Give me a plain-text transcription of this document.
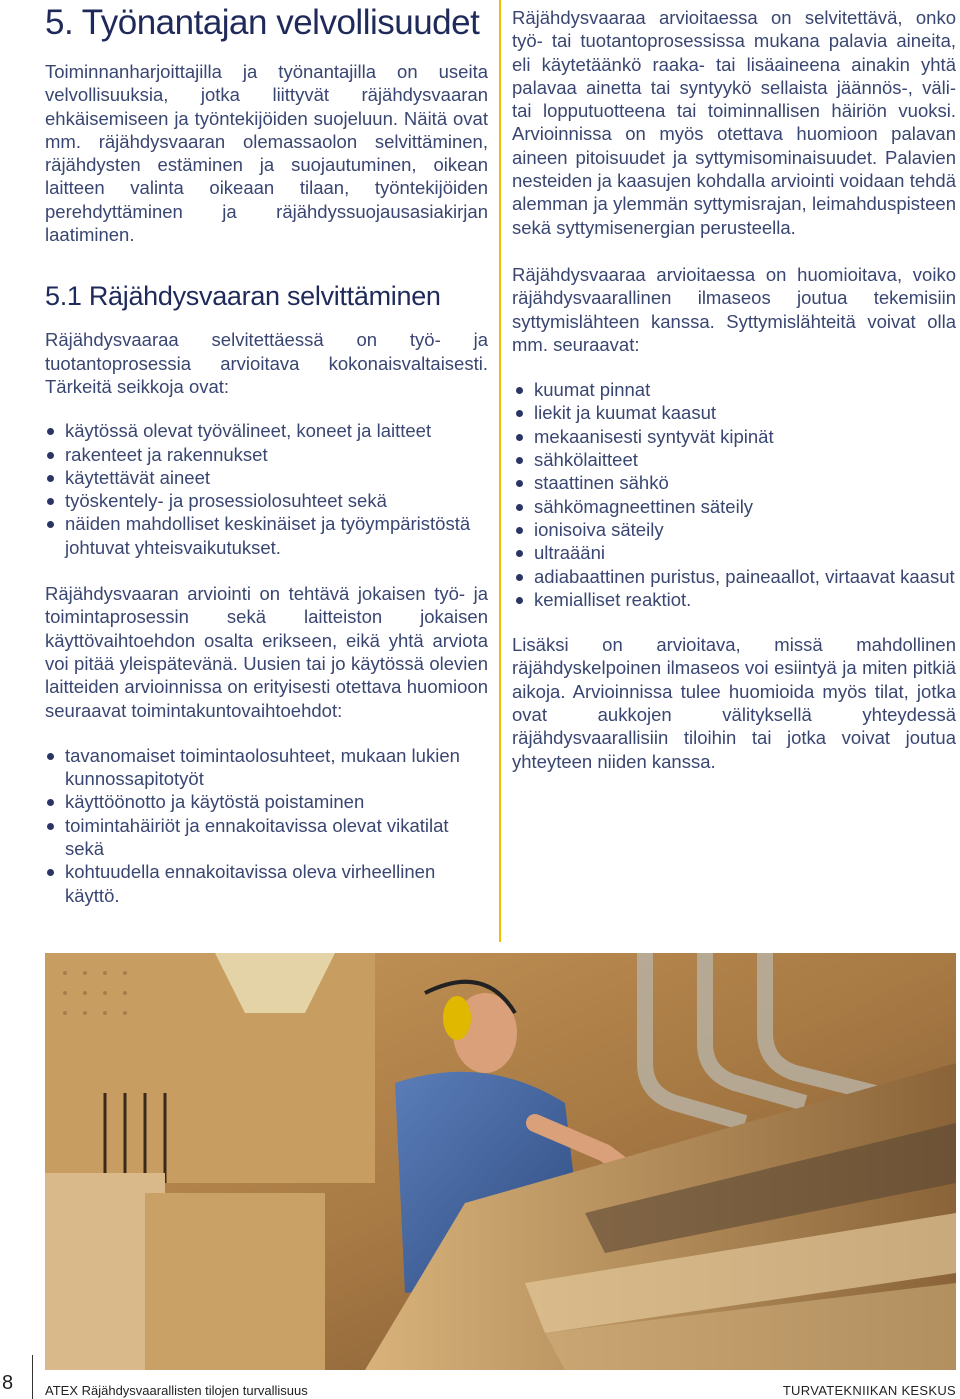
5. Työnantajan velvollisuudet

Toiminnanharjoittajilla ja työnantajilla on useita velvollisuuksia, jotka liittyvät räjähdysvaaran ehkäisemiseen ja työntekijöiden suojeluun. Näitä ovat mm. räjähdysvaaran olemassaolon selvittäminen, räjähdysten estäminen ja suojautuminen, oikean laitteen valinta oikeaan tilaan, työntekijöiden perehdyttäminen ja räjähdyssuojausasiakirjan laatiminen.

5.1 Räjähdysvaaran selvittäminen

Räjähdysvaaraa selvitettäessä on työ- ja tuotantoprosessia arvioitava kokonaisvaltaisesti. Tärkeitä seikkoja ovat:

käytössä olevat työvälineet, koneet ja laitteet
rakenteet ja rakennukset
käytettävät aineet
työskentely- ja prosessiolosuhteet sekä
näiden mahdolliset keskinäiset ja työympäristöstä johtuvat yhteisvaikutukset.

Räjähdysvaaran arviointi on tehtävä jokaisen työ- ja toimintaprosessin sekä laitteiston jokaisen käyttövaihtoehdon osalta erikseen, eikä yhtä arviota voi pitää yleispätevänä. Uusien tai jo käytössä olevien laitteiden arvioinnissa on erityisesti otettava huomioon seuraavat toimintakuntovaihtoehdot:

tavanomaiset toimintaolosuhteet, mukaan lukien kunnossapitotyöt
käyttöönotto ja käytöstä poistaminen
toimintahäiriöt ja ennakoitavissa olevat vikatilat sekä
kohtuudella ennakoitavissa oleva virheellinen käyttö.

Räjähdysvaaraa arvioitaessa on selvitettävä, onko työ- tai tuotantoprosessissa mukana palavia aineita, eli käytetäänkö raaka- tai lisäaineena ainakin yhtä palavaa ainetta tai syntyykö sellaista jäännös-, väli- tai lopputuotteena tai toiminnallisen häiriön vuoksi. Arvioinnissa on myös otettava huomioon palavan aineen pitoisuudet ja syttymisominaisuudet. Palavien nesteiden ja kaasujen kohdalla arviointi voidaan tehdä alemman ja ylemmän syttymisrajan, leimahduspisteen sekä syttymisenergian perusteella.

Räjähdysvaaraa arvioitaessa on huomioitava, voiko räjähdysvaarallinen ilmaseos joutua tekemisiin syttymislähteen kanssa. Syttymislähteitä voivat olla mm. seuraavat:

kuumat pinnat
liekit ja kuumat kaasut
mekaanisesti syntyvät kipinät
sähkölaitteet
staattinen sähkö
sähkömagneettinen säteily
ionisoiva säteily
ultraääni
adiabaattinen puristus, paineaallot, virtaavat kaasut
kemialliset reaktiot.

Lisäksi on arvioitava, missä mahdollinen räjähdyskelpoinen ilmaseos voi esiintyä ja miten pitkiä aikoja. Arvioinnissa tulee huomioida myös tilat, jotka ovat aukkojen välityksellä yhteydessä räjähdysvaarallisiin tiloihin tai jotka voivat joutua yhteyteen niiden kanssa.

8 ATEX Räjähdysvaarallisten tilojen turvallisuus	TURVATEKNIIKAN KESKUS
